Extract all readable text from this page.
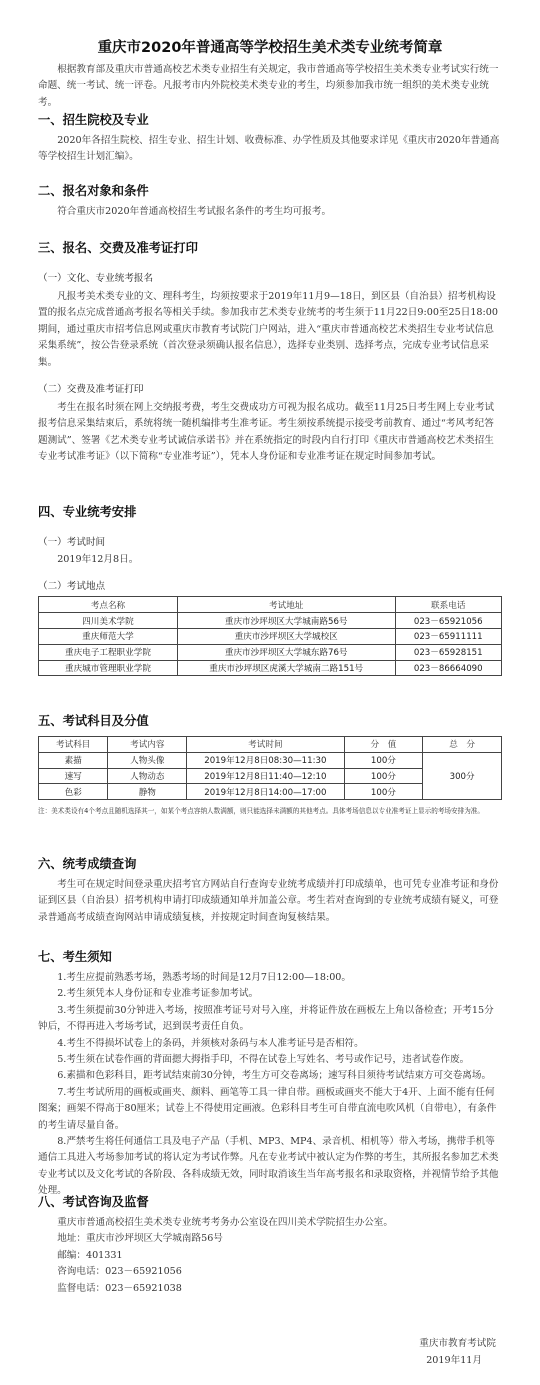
重庆市2020年普通高等学校招生美术类专业统考简章

根据教育部及重庆市普通高校艺术类专业招生有关规定，我市普通高等学校招生美术类专业考试实行统一命题、统一考试、统一评卷。凡报考市内外院校美术类专业的考生，均须参加我市统一组织的美术类专业统考。

一、招生院校及专业

2020年各招生院校、招生专业、招生计划、收费标准、办学性质及其他要求详见《重庆市2020年普通高等学校招生计划汇编》。

二、报名对象和条件

符合重庆市2020年普通高校招生考试报名条件的考生均可报考。

三、报名、交费及准考证打印
（一）文化、专业统考报名

凡报考美术类专业的文、理科考生，均须按要求于2019年11月9—18日，到区县（自治县）招考机构设置的报名点完成普通高考报名等相关手续。参加我市艺术类专业统考的考生须于11月22日9:00至25日18:00期间，通过重庆市招考信息网或重庆市教育考试院门户网站，进入“重庆市普通高校艺术类招生专业考试信息采集系统”，按公告登录系统（首次登录须确认报名信息），选择专业类别、选择考点，完成专业考试信息采集。

（二）交费及准考证打印

考生在报名时须在网上交纳报考费，考生交费成功方可视为报名成功。截至11月25日考生网上专业考试报考信息采集结束后，系统将统一随机编排考生准考证。考生须按系统提示接受考前教育、通过“考风考纪答题测试”、签署《艺术类专业考试诚信承诺书》并在系统指定的时段内自行打印《重庆市普通高校艺术类招生专业考试准考证》（以下简称“专业准考证”），凭本人身份证和专业准考证在规定时间参加考试。

四、专业统考安排
（一）考试时间

2019年12月8日。

（二）考试地点
考点名称	考试地址	联系电话
四川美术学院	重庆市沙坪坝区大学城南路56号	023－65921056
重庆师范大学	重庆市沙坪坝区大学城校区	023－65911111
重庆电子工程职业学院	重庆市沙坪坝区大学城东路76号	023－65928151
重庆城市管理职业学院	重庆市沙坪坝区虎溪大学城南二路151号	023－86664090
五、考试科目及分值
考试科目	考试内容	考试时间	分　值	总　分
素描	人物头像	2019年12月8日08:30—11:30	100分	300分
速写	人物动态	2019年12月8日11:40—12:10	100分	
色彩	静物	2019年12月8日14:00—17:00	100分	

注：美术类设有4个考点且随机选择其一，如某个考点容纳人数满额，则只能选择未满额的其他考点。具体考场信息以专业准考证上显示的考场安排为准。

六、统考成绩查询

考生可在规定时间登录重庆招考官方网站自行查询专业统考成绩并打印成绩单，也可凭专业准考证和身份证到区县（自治县）招考机构申请打印成绩通知单并加盖公章。考生若对查询到的专业统考成绩有疑义，可登录普通高考成绩查询网站申请成绩复核，并按规定时间查询复核结果。

七、考生须知

1.考生应提前熟悉考场，熟悉考场的时间是12月7日12:00—18:00。

2.考生须凭本人身份证和专业准考证参加考试。

3.考生须提前30分钟进入考场，按照准考证号对号入座，并将证件放在画板左上角以备检查；开考15分钟后，不得再进入考场考试，迟到误考责任自负。

4.考生不得损坏试卷上的条码，并须核对条码与本人准考证号是否相符。

5.考生须在试卷作画的背面摁大拇指手印，不得在试卷上写姓名、考号或作记号，违者试卷作废。

6.素描和色彩科目，距考试结束前30分钟，考生方可交卷离场；速写科目须待考试结束方可交卷离场。

7.考生考试所用的画板或画夹、颜料、画笔等工具一律自带。画板或画夹不能大于4开、上面不能有任何图案；画架不得高于80厘米；试卷上不得使用定画液。色彩科目考生可自带直流电吹风机（自带电），有条件的考生请尽量自备。

8.严禁考生将任何通信工具及电子产品（手机、MP3、MP4、录音机、相机等）带入考场，携带手机等通信工具进入考场参加考试的将认定为考试作弊。凡在专业考试中被认定为作弊的考生，其所报名参加艺术类专业考试以及文化考试的各阶段、各科成绩无效，同时取消该生当年高考报名和录取资格，并视情节给予其他处理。

八、考试咨询及监督

重庆市普通高校招生美术类专业统考考务办公室设在四川美术学院招生办公室。

地址：重庆市沙坪坝区大学城南路56号

邮编：401331

咨询电话：023－65921056

监督电话：023－65921038

重庆市教育考试院
2019年11月
